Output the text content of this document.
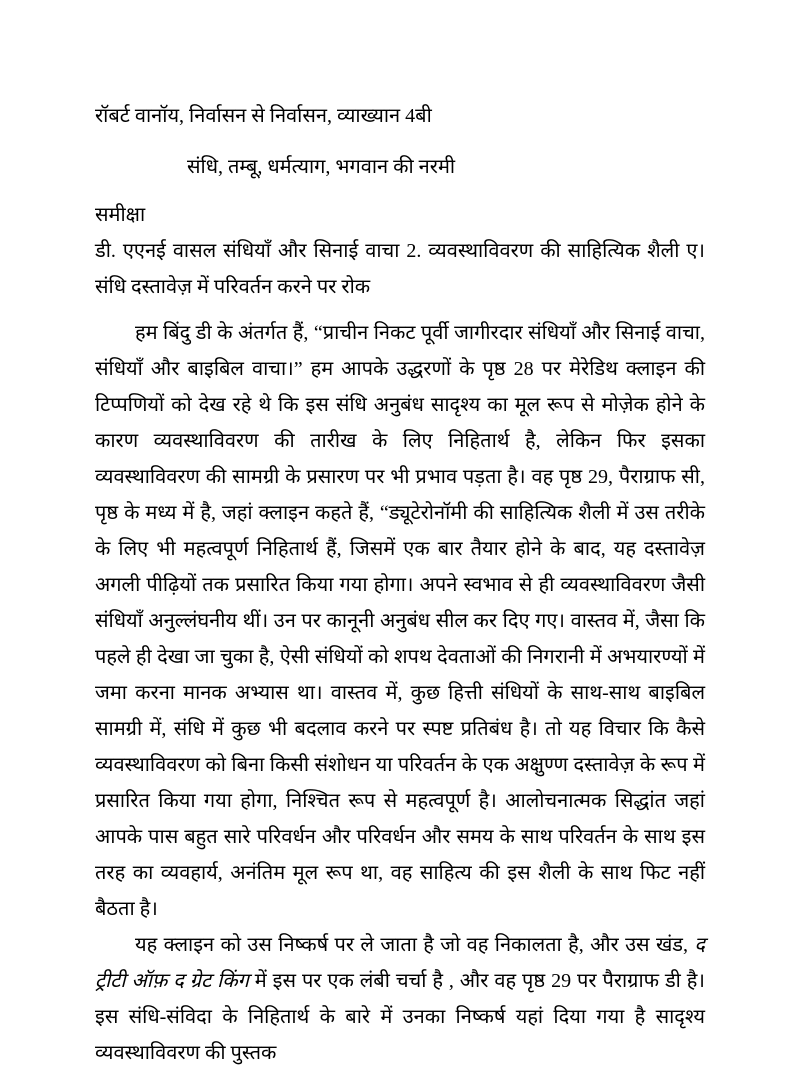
रॉबर्ट वानॉय, निर्वासन से निर्वासन, व्याख्यान 4बी

संधि, तम्बू, धर्मत्याग, भगवान की नरमी

समीक्षा

डी. एएनई वासल संधियाँ और सिनाई वाचा 2. व्यवस्थाविवरण की साहित्यिक शैली ए। संधि दस्तावेज़ में परिवर्तन करने पर रोक

हम बिंदु डी के अंतर्गत हैं, “प्राचीन निकट पूर्वी जागीरदार संधियाँ और सिनाई वाचा, संधियाँ और बाइबिल वाचा।” हम आपके उद्धरणों के पृष्ठ 28 पर मेरेडिथ क्लाइन की टिप्पणियों को देख रहे थे कि इस संधि अनुबंध सादृश्य का मूल रूप से मोज़ेक होने के कारण व्यवस्थाविवरण की तारीख के लिए निहितार्थ है, लेकिन फिर इसका व्यवस्थाविवरण की सामग्री के प्रसारण पर भी प्रभाव पड़ता है। वह पृष्ठ 29, पैराग्राफ सी, पृष्ठ के मध्य में है, जहां क्लाइन कहते हैं, “ड्यूटेरोनॉमी की साहित्यिक शैली में उस तरीके के लिए भी महत्वपूर्ण निहितार्थ हैं, जिसमें एक बार तैयार होने के बाद, यह दस्तावेज़ अगली पीढ़ियों तक प्रसारित किया गया होगा। अपने स्वभाव से ही व्यवस्थाविवरण जैसी संधियाँ अनुल्लंघनीय थीं। उन पर कानूनी अनुबंध सील कर दिए गए। वास्तव में, जैसा कि पहले ही देखा जा चुका है, ऐसी संधियों को शपथ देवताओं की निगरानी में अभयारण्यों में जमा करना मानक अभ्यास था। वास्तव में, कुछ हित्ती संधियों के साथ-साथ बाइबिल सामग्री में, संधि में कुछ भी बदलाव करने पर स्पष्ट प्रतिबंध है। तो यह विचार कि कैसे व्यवस्थाविवरण को बिना किसी संशोधन या परिवर्तन के एक अक्षुण्ण दस्तावेज़ के रूप में प्रसारित किया गया होगा, निश्चित रूप से महत्वपूर्ण है। आलोचनात्मक सिद्धांत जहां आपके पास बहुत सारे परिवर्धन और परिवर्धन और समय के साथ परिवर्तन के साथ इस तरह का व्यवहार्य, अनंतिम मूल रूप था, वह साहित्य की इस शैली के साथ फिट नहीं बैठता है।

यह क्लाइन को उस निष्कर्ष पर ले जाता है जो वह निकालता है, और उस खंड, द ट्रीटी ऑफ़ द ग्रेट किंग में इस पर एक लंबी चर्चा है , और वह पृष्ठ 29 पर पैराग्राफ डी है। इस संधि-संविदा के निहितार्थ के बारे में उनका निष्कर्ष यहां दिया गया है सादृश्य व्यवस्थाविवरण की पुस्तक
